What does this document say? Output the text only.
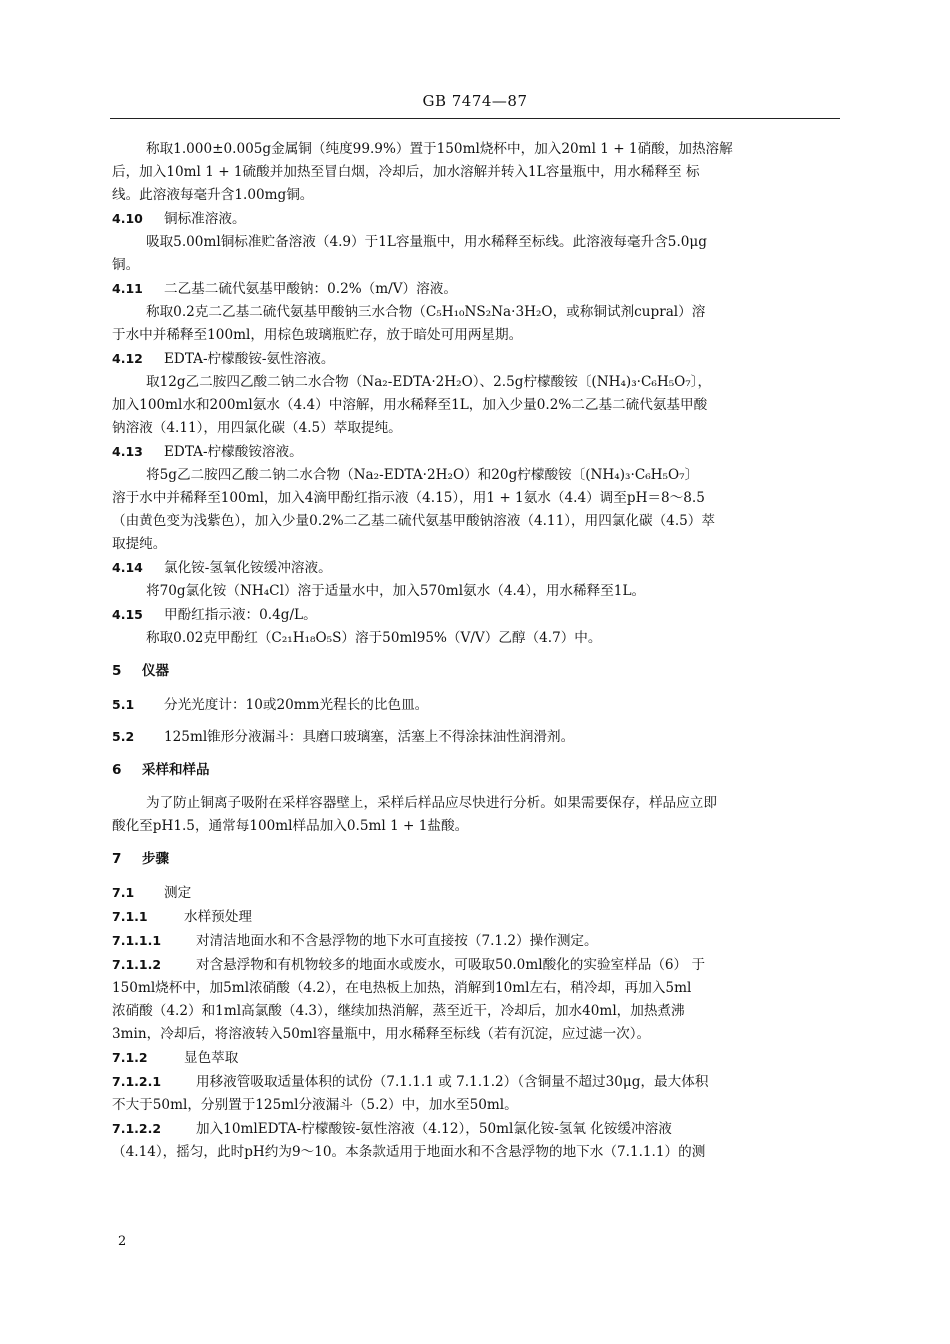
GB 7474—87
称取1.000±0.005g金属铜（纯度99.9%）置于150ml烧杯中，加入20ml 1 + 1硝酸，加热溶解
后，加入10ml 1 + 1硫酸并加热至冒白烟，冷却后，加水溶解并转入1L容量瓶中，用水稀释至 标
线。此溶液每毫升含1.00mg铜。
4.10 铜标准溶液。
吸取5.00ml铜标准贮备溶液（4.9）于1L容量瓶中，用水稀释至标线。此溶液每毫升含5.0μg
铜。
4.11 二乙基二硫代氨基甲酸钠：0.2%（m/V）溶液。
称取0.2克二乙基二硫代氨基甲酸钠三水合物（C₅H₁₀NS₂Na·3H₂O，或称铜试剂cupral）溶
于水中并稀释至100ml，用棕色玻璃瓶贮存，放于暗处可用两星期。
4.12 EDTA-柠檬酸铵-氨性溶液。
取12g乙二胺四乙酸二钠二水合物（Na₂-EDTA·2H₂O）、2.5g柠檬酸铵〔(NH₄)₃·C₆H₅O₇〕，
加入100ml水和200ml氨水（4.4）中溶解，用水稀释至1L，加入少量0.2%二乙基二硫代氨基甲酸
钠溶液（4.11），用四氯化碳（4.5）萃取提纯。
4.13 EDTA-柠檬酸铵溶液。
将5g乙二胺四乙酸二钠二水合物（Na₂-EDTA·2H₂O）和20g柠檬酸铵〔(NH₄)₃·C₆H₅O₇〕
溶于水中并稀释至100ml，加入4滴甲酚红指示液（4.15），用1 + 1氨水（4.4）调至pH＝8～8.5
（由黄色变为浅紫色），加入少量0.2%二乙基二硫代氨基甲酸钠溶液（4.11），用四氯化碳（4.5）萃
取提纯。
4.14 氯化铵-氢氧化铵缓冲溶液。
将70g氯化铵（NH₄Cl）溶于适量水中，加入570ml氨水（4.4），用水稀释至1L。
4.15 甲酚红指示液：0.4g/L。
称取0.02克甲酚红（C₂₁H₁₈O₅S）溶于50ml95%（V/V）乙醇（4.7）中。
5 仪器
5.1 分光光度计：10或20mm光程长的比色皿。
5.2 125ml锥形分液漏斗：具磨口玻璃塞，活塞上不得涂抹油性润滑剂。
6 采样和样品
为了防止铜离子吸附在采样容器壁上，采样后样品应尽快进行分析。如果需要保存，样品应立即
酸化至pH1.5，通常每100ml样品加入0.5ml 1 + 1盐酸。
7 步骤
7.1 测定
7.1.1	水样预处理
7.1.1.1	对清洁地面水和不含悬浮物的地下水可直接按（7.1.2）操作测定。
7.1.1.2	对含悬浮物和有机物较多的地面水或废水，可吸取50.0ml酸化的实验室样品（6） 于
150ml烧杯中，加5ml浓硝酸（4.2），在电热板上加热，消解到10ml左右，稍冷却，再加入5ml
浓硝酸（4.2）和1ml高氯酸（4.3），继续加热消解，蒸至近干，冷却后，加水40ml，加热煮沸
3min，冷却后，将溶液转入50ml容量瓶中，用水稀释至标线（若有沉淀，应过滤一次）。
7.1.2	显色萃取
7.1.2.1	用移液管吸取适量体积的试份（7.1.1.1 或 7.1.1.2）（含铜量不超过30μg，最大体积
不大于50ml，分别置于125ml分液漏斗（5.2）中，加水至50ml。
7.1.2.2	加入10mlEDTA-柠檬酸铵-氨性溶液（4.12），50ml氯化铵-氢氧 化铵缓冲溶液
（4.14），摇匀，此时pH约为9～10。本条款适用于地面水和不含悬浮物的地下水（7.1.1.1）的测
2
